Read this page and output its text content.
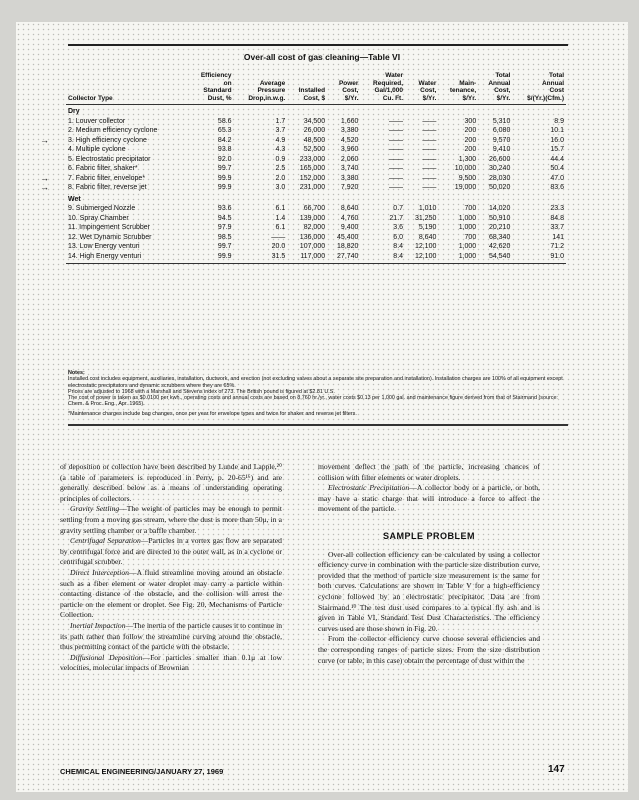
Over-all cost of gas cleaning—Table VI
Collector Type	Efficiency
on
Standard
Dust, %	Average
Pressure
Drop,in.w.g.	Installed
Cost, $	Power
Cost,
$/Yr.	Water
Required,
Gal/1,000
Cu. Ft.	Water
Cost,
$/Yr.	Main-
tenance,
$/Yr.	Total
Annual
Cost,
$/Yr.	Total
Annual
Cost
$/(Yr.)(Cfm.)
Dry									
1. Louver collector	58.6	1.7	34,500	1,660	——	——	300	5,310	8.9
2. Medium efficiency cyclone	65.3	3.7	26,000	3,380	——	——	200	6,080	10.1

→ 3. High efficiency cyclone	84.2	4.9	48,500	4,520	——	——	200	9,570	16.0
4. Multiple cyclone	93.8	4.3	52,500	3,960	——	——	200	9,410	15.7
5. Electrostatic precipitator	92.0	0.9	233,000	2,060	——	——	1,300	26,600	44.4
6. Fabric filter, shaker*	99.7	2.5	165,000	3,740	——	——	10,000	30,240	50.4

→ 7. Fabric filter, envelope*	99.9	2.0	152,000	3,380	——	——	9,500	28,030	47.0

→ 8. Fabric filter, reverse jet	99.9	3.0	231,000	7,920	——	——	19,000	50,020	83.6
Wet									
9. Submerged Nozzle	93.6	6.1	66,700	8,640	0.7	1,010	700	14,020	23.3
10. Spray Chamber	94.5	1.4	139,000	4,760	21.7	31,250	1,000	50,910	84.8
11. Impingement Scrubber	97.9	6.1	82,000	9,400	3.6	5,190	1,000	20,210	33.7
12. Wet Dynamic Scrubber	98.5	——	136,000	45,400	6.0	8,640	700	68,340	141
13. Low Energy venturi	99.7	20.0	107,000	18,820	8.4	12,100	1,000	42,620	71.2
14. High Energy venturi	99.9	31.5	117,000	27,740	8.4	12,100	1,000	54,540	91.0

Notes:

Installed cost includes equipment, auxiliaries, installation, ductwork, and erection (not excluding valves about a separate site preparation and installation). Installation charges are 100% of all equipment except electrostatic precipitators and dynamic scrubbers where they are 65%.

Prices are adjusted to 1968 with a Marshall and Stevens index of 273. The British pound is figured at $2.81 U.S.

The cost of power is taken as $0.0100 per kwh., operating costs and annual costs are based on 8,760 hr./yr., water costs $0.13 per 1,000 gal. and maintenance figure derived from that of Stairmand (source: Chem. & Proc. Eng., Apr. 1965).

*Maintenance charges include bag changes, once per year for envelope types and twice for shaker and reverse jet filters.

of deposition or collection have been described by Lunde and Lapple,²⁰ (a table of parameters is reproduced in Perry, p. 20-65¹⁶) and are generally described below as a means of understanding operating principles of collectors.

Gravity Settling—The weight of particles may be enough to permit settling from a moving gas stream, where the dust is more than 50μ, in a gravity settling chamber or a baffle chamber.

Centrifugal Separation—Particles in a vortex gas flow are separated by centrifugal force and are directed to the outer wall, as in a cyclone or centrifugal scrubber.

Direct Interception—A fluid streamline moving around an obstacle such as a fiber element or water droplet may carry a particle within contacting distance of the obstacle, and the collision will arrest the particle on the element or droplet. See Fig. 20, Mechanisms of Particle Collection.

Inertial Impaction—The inertia of the particle causes it to continue in its path rather than follow the streamline curving around the obstacle, thus permitting contact of the particle with the obstacle.

Diffusional Deposition—For particles smaller than 0.1μ at low velocities, molecular impacts of Brownian

movement deflect the path of the particle, increasing chances of collision with filter elements or water droplets.

Electrostatic Precipitation—A collector body or a particle, or both, may have a static charge that will introduce a force to affect the movement of the particle.

SAMPLE PROBLEM

Over-all collection efficiency can be calculated by using a collector efficiency curve in combination with the particle size distribution curve, provided that the method of particle size measurement is the same for both curves. Calculations are shown in Table V for a high-efficiency cyclone followed by an electrostatic precipitator. Data are from Stairmand.¹⁰ The test dust used compares to a typical fly ash and is given in Table VI, Standard Test Dust Characteristics. The efficiency curves used are those shown in Fig. 20.

From the collector efficiency curve choose several efficiencies and the corresponding ranges of particle sizes. From the size distribution curve (or table, in this case) obtain the percentage of dust within the

CHEMICAL ENGINEERING/JANUARY 27, 1969	147
